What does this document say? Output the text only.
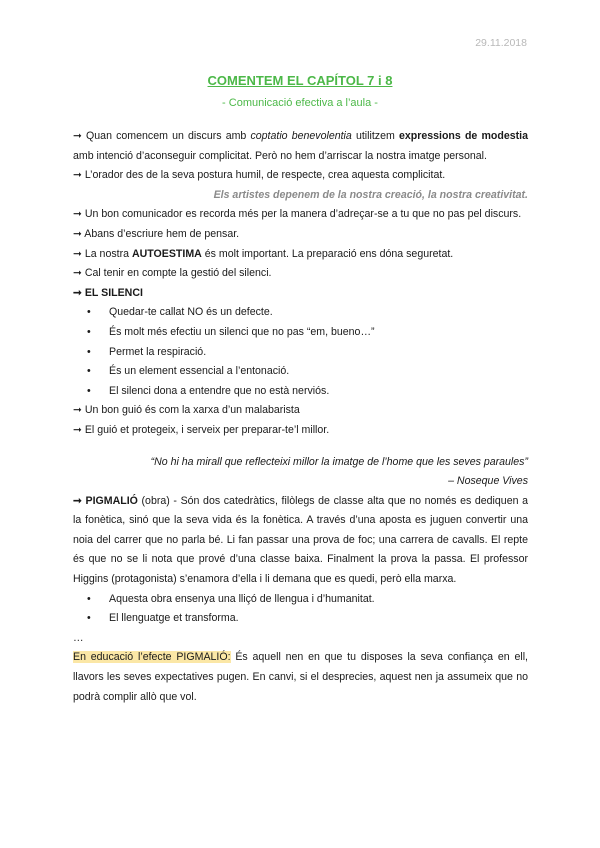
29.11.2018
COMENTEM EL CAPÍTOL 7 i 8
- Comunicació efectiva a l’aula -

➞ Quan comencem un discurs amb coptatio benevolentia utilitzem expressions de modestia amb intenció d’aconseguir complicitat. Però no hem d’arriscar la nostra imatge personal.

➞ L’orador des de la seva postura humil, de respecte, crea aquesta complicitat.

Els artistes depenem de la nostra creació, la nostra creativitat.

➞ Un bon comunicador es recorda més per la manera d’adreçar-se a tu que no pas pel discurs.

➞ Abans d’escriure hem de pensar.

➞ La nostra AUTOESTIMA és molt important. La preparació ens dóna seguretat.

➞ Cal tenir en compte la gestió del silenci.

➞ EL SILENCI

• Quedar-te callat NO és un defecte.
• És molt més efectiu un silenci que no pas “em, bueno…”
• Permet la respiració.
• És un element essencial a l’entonació.
• El silenci dona a entendre que no està nerviós.

➞ Un bon guió és com la xarxa d’un malabarista

➞ El guió et protegeix, i serveix per preparar-te’l millor.

“No hi ha mirall que reflecteixi millor la imatge de l’home que les seves paraules”

– Noseque Vives

➞ PIGMALIÓ (obra) - Són dos catedràtics, filòlegs de classe alta que no només es dediquen a la fonètica, sinó que la seva vida és la fonètica. A través d’una aposta es juguen convertir una noia del carrer que no parla bé. Li fan passar una prova de foc; una carrera de cavalls. El repte és que no se li nota que prové d’una classe baixa. Finalment la prova la passa. El professor Higgins (protagonista) s’enamora d’ella i li demana que es quedi, però ella marxa.

• Aquesta obra ensenya una lliçó de llengua i d’humanitat.
• El llenguatge et transforma.

…

En educació l’efecte PIGMALIÓ: És aquell nen en que tu disposes la seva confiança en ell, llavors les seves expectatives pugen. En canvi, si el desprecies, aquest nen ja assumeix que no podrà complir allò que vol.
